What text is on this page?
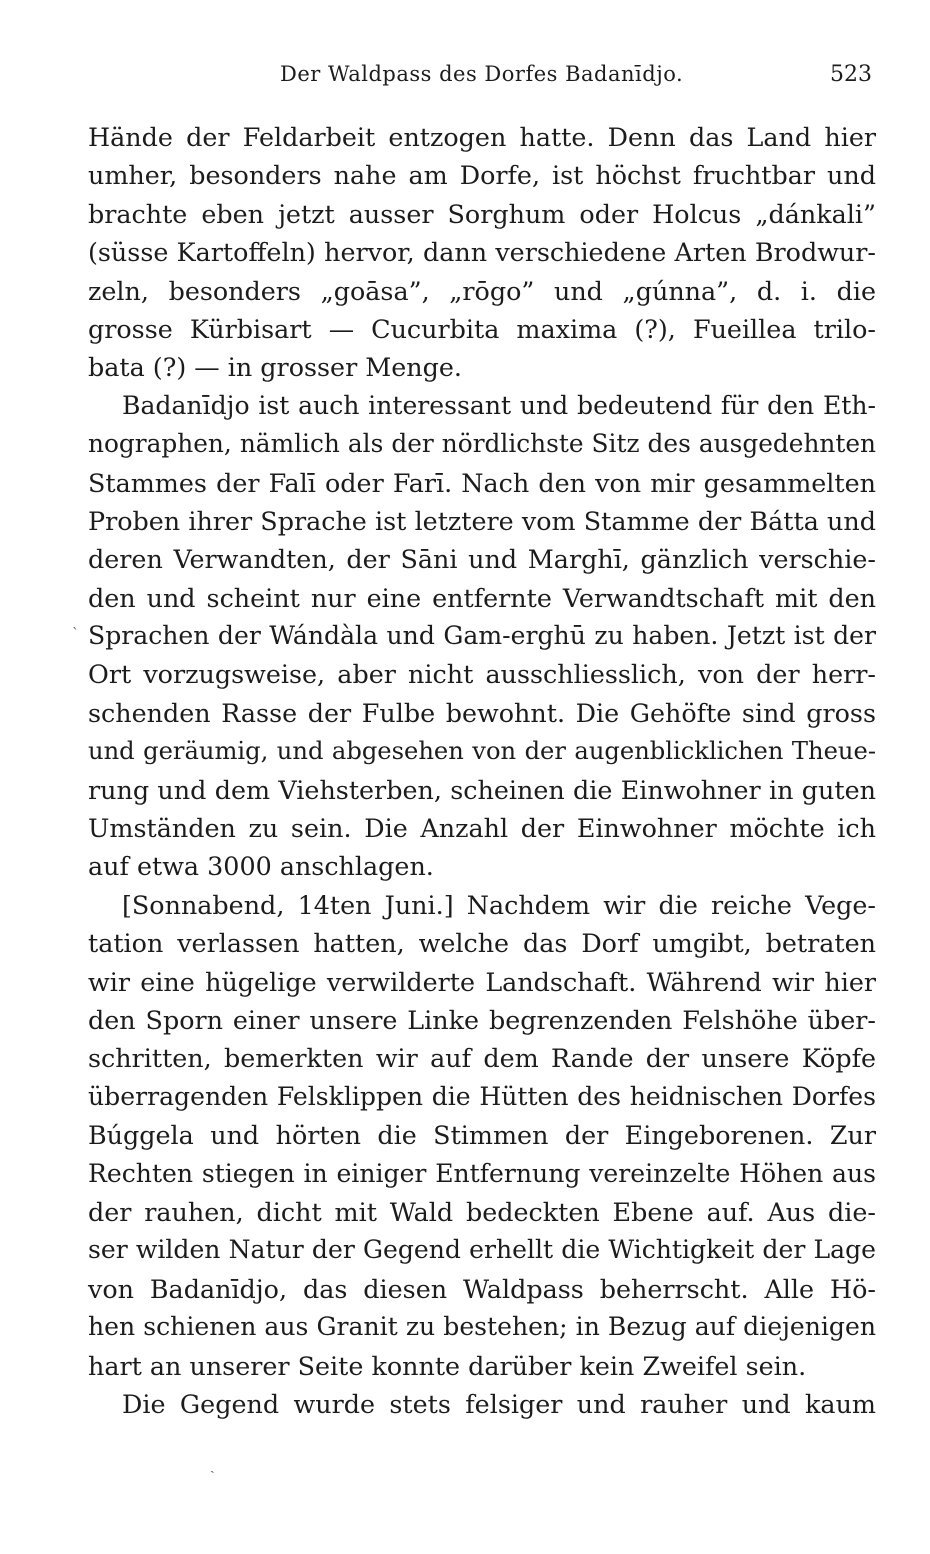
Der Waldpass des Dorfes Badanīdjo.	523
Hände der Feldarbeit entzogen hatte. Denn das Land hier
umher, besonders nahe am Dorfe, ist höchst fruchtbar und
brachte eben jetzt ausser Sorghum oder Holcus „dánkali”
(süsse Kartoffeln) hervor, dann verschiedene Arten Brodwur-
zeln, besonders „goāsa”, „rōgo” und „gúnna”, d. i. die
grosse Kürbisart — Cucurbita maxima (?), Fueillea trilo-
bata (?) — in grosser Menge.
Badanīdjo ist auch interessant und bedeutend für den Eth-
nographen, nämlich als der nördlichste Sitz des ausgedehnten
Stammes der Falī oder Farī. Nach den von mir gesammelten
Proben ihrer Sprache ist letztere vom Stamme der Bátta und
deren Verwandten, der Sāni und Marghī, gänzlich verschie-
den und scheint nur eine entfernte Verwandtschaft mit den
Sprachen der Wándàla und Gam-erghū zu haben. Jetzt ist der
Ort vorzugsweise, aber nicht ausschliesslich, von der herr-
schenden Rasse der Fulbe bewohnt. Die Gehöfte sind gross
und geräumig, und abgesehen von der augenblicklichen Theue-
rung und dem Viehsterben, scheinen die Einwohner in guten
Umständen zu sein. Die Anzahl der Einwohner möchte ich
auf etwa 3000 anschlagen.
[Sonnabend, 14ten Juni.] Nachdem wir die reiche Vege-
tation verlassen hatten, welche das Dorf umgibt, betraten
wir eine hügelige verwilderte Landschaft. Während wir hier
den Sporn einer unsere Linke begrenzenden Felshöhe über-
schritten, bemerkten wir auf dem Rande der unsere Köpfe
überragenden Felsklippen die Hütten des heidnischen Dorfes
Búggela und hörten die Stimmen der Eingeborenen. Zur
Rechten stiegen in einiger Entfernung vereinzelte Höhen aus
der rauhen, dicht mit Wald bedeckten Ebene auf. Aus die-
ser wilden Natur der Gegend erhellt die Wichtigkeit der Lage
von Badanīdjo, das diesen Waldpass beherrscht. Alle Hö-
hen schienen aus Granit zu bestehen; in Bezug auf diejenigen
hart an unserer Seite konnte darüber kein Zweifel sein.
Die Gegend wurde stets felsiger und rauher und kaum
ˋ
ˏ
